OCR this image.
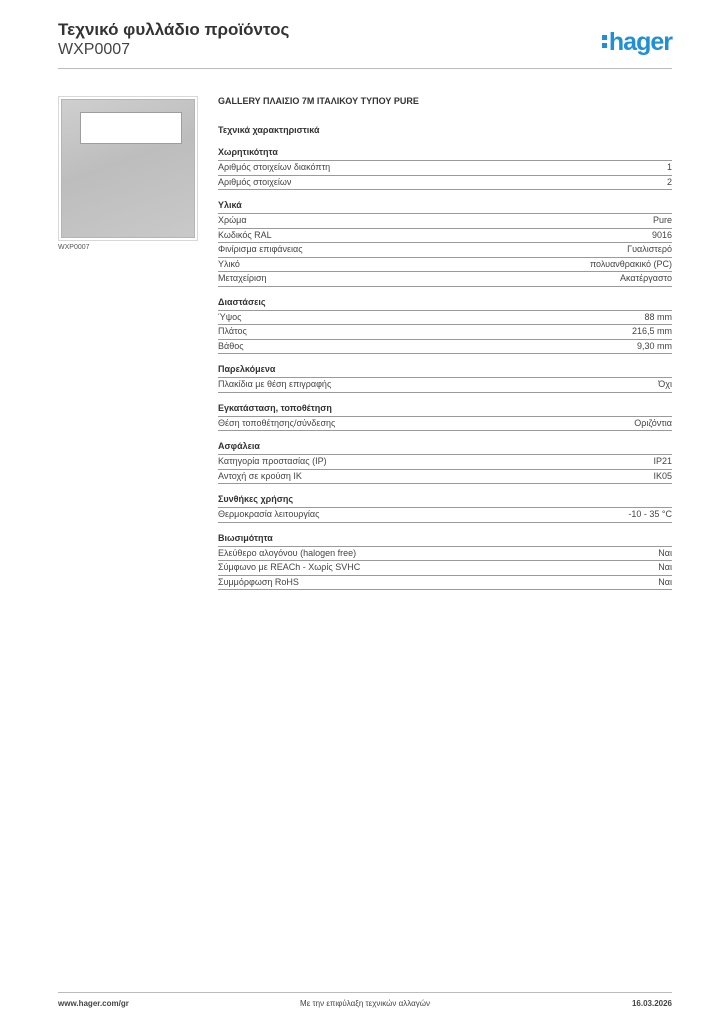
Τεχνικό φυλλάδιο προϊόντος
WXP0007	hager
WXP0007
GALLERY ΠΛΑΙΣΙΟ 7Μ ΙΤΑΛΙΚΟΥ ΤΥΠΟΥ PURE
Τεχνικά χαρακτηριστικά
Χωρητικότητα
Αριθμός στοιχείων διακόπτη	1
Αριθμός στοιχείων	2
Υλικά
Χρώμα	Pure
Κωδικός RAL	9016
Φινίρισμα επιφάνειας	Γυαλιστερό
Υλικό	πολυανθρακικό (PC)
Μεταχείριση	Ακατέργαστο
Διαστάσεις
Ύψος	88 mm
Πλάτος	216,5 mm
Βάθος	9,30 mm
Παρελκόμενα
Πλακίδια με θέση επιγραφής	Όχι
Εγκατάσταση, τοποθέτηση
Θέση τοποθέτησης/σύνδεσης	Οριζόντια
Ασφάλεια
Κατηγορία προστασίας (IP)	IP21
Αντοχή σε κρούση IK	IK05
Συνθήκες χρήσης
Θερμοκρασία λειτουργίας	-10 - 35 °C
Βιωσιμότητα
Ελεύθερο αλογόνου (halogen free)	Ναι
Σύμφωνο με REACh - Χωρίς SVHC	Ναι
Συμμόρφωση RoHS	Ναι
www.hager.com/gr	Με την επιφύλαξη τεχνικών αλλαγών	16.03.2026
